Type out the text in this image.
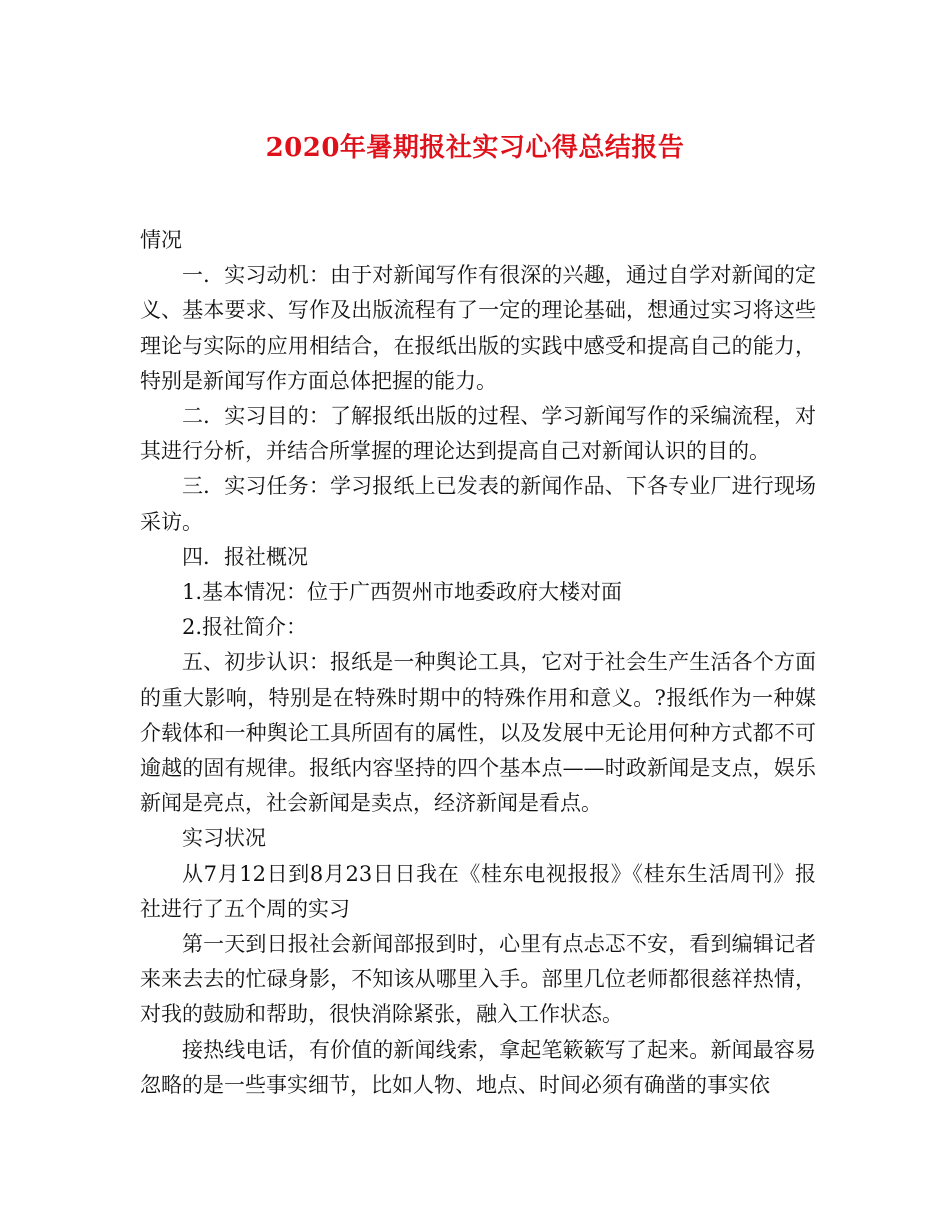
2020年暑期报社实习心得总结报告

情况

一．实习动机：由于对新闻写作有很深的兴趣，通过自学对新闻的定义、基本要求、写作及出版流程有了一定的理论基础，想通过实习将这些理论与实际的应用相结合，在报纸出版的实践中感受和提高自己的能力，特别是新闻写作方面总体把握的能力。

二．实习目的：了解报纸出版的过程、学习新闻写作的采编流程，对其进行分析，并结合所掌握的理论达到提高自己对新闻认识的目的。

三．实习任务：学习报纸上已发表的新闻作品、下各专业厂进行现场采访。

四．报社概况

1.基本情况：位于广西贺州市地委政府大楼对面

2.报社简介：

五、初步认识：报纸是一种舆论工具，它对于社会生产生活各个方面的重大影响，特别是在特殊时期中的特殊作用和意义。?报纸作为一种媒介载体和一种舆论工具所固有的属性，以及发展中无论用何种方式都不可逾越的固有规律。报纸内容坚持的四个基本点——时政新闻是支点，娱乐新闻是亮点，社会新闻是卖点，经济新闻是看点。

实习状况

从7月12日到8月23日日我在《桂东电视报报》《桂东生活周刊》报社进行了五个周的实习

第一天到日报社会新闻部报到时，心里有点忐忑不安，看到编辑记者来来去去的忙碌身影，不知该从哪里入手。部里几位老师都很慈祥热情，对我的鼓励和帮助，很快消除紧张，融入工作状态。

接热线电话，有价值的新闻线索，拿起笔簌簌写了起来。新闻最容易忽略的是一些事实细节，比如人物、地点、时间必须有确凿的事实依
